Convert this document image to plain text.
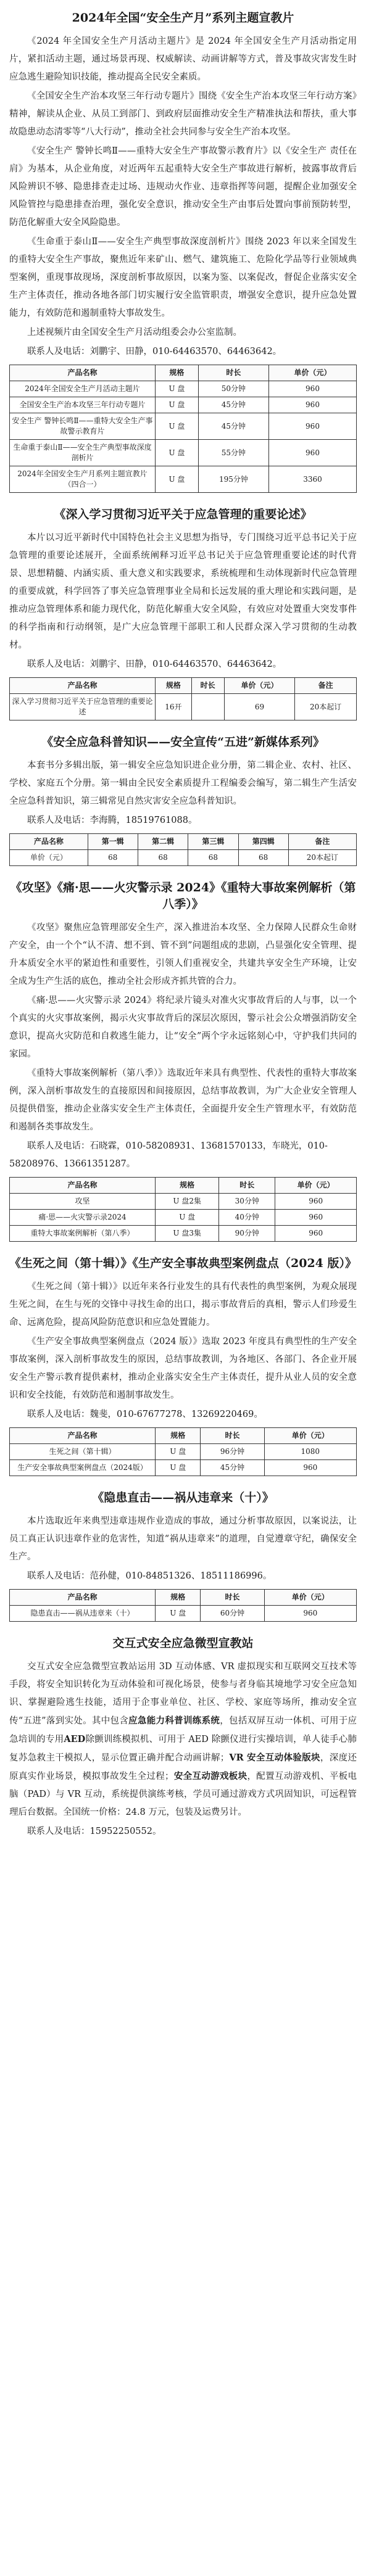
2024年全国“安全生产月”系列主题宣教片

《2024 年全国安全生产月活动主题片》是 2024 年全国安全生产月活动指定用片，紧扣活动主题，通过场景再现、权威解读、动画讲解等方式，普及事故灾害发生时应急逃生避险知识技能，推动提高全民安全素质。

《全国安全生产治本攻坚三年行动专题片》围绕《安全生产治本攻坚三年行动方案》精神，解读从企业、从员工到部门、到政府层面推动安全生产精准执法和帮扶，重大事故隐患动态清零等“八大行动”，推动全社会共同参与安全生产治本攻坚。

《安全生产 警钟长鸣Ⅱ——重特大安全生产事故警示教育片》以《安全生产 责任在肩》为基本，从企业角度，对近两年五起重特大安全生产事故进行解析，披露事故背后风险辨识不够、隐患排查走过场、违规动火作业、违章指挥等问题，提醒企业加强安全风险管控与隐患排查治理，强化安全意识，推动安全生产由事后处置向事前预防转型，防范化解重大安全风险隐患。

《生命重于泰山Ⅱ——安全生产典型事故深度剖析片》围绕 2023 年以来全国发生的重特大安全生产事故，聚焦近年来矿山、燃气、建筑施工、危险化学品等行业领域典型案例，重现事故现场，深度剖析事故原因，以案为鉴、以案促改，督促企业落实安全生产主体责任，推动各地各部门切实履行安全监管职责，增强安全意识，提升应急处置能力，有效防范和遏制重特大事故发生。

上述视频片由全国安全生产月活动组委会办公室监制。

联系人及电话：刘鹏宇、田静，010-64463570、64463642。

产品名称	规格	时长	单价（元）
2024年全国安全生产月活动主题片	U 盘	50分钟	960
全国安全生产治本攻坚三年行动专题片	U 盘	45分钟	960
安全生产 警钟长鸣Ⅱ——重特大安全生产事故警示教育片	U 盘	45分钟	960
生命重于泰山Ⅱ——安全生产典型事故深度剖析片	U 盘	55分钟	960
2024年全国安全生产月系列主题宣教片（四合一）	U 盘	195分钟	3360
《深入学习贯彻习近平关于应急管理的重要论述》

本片以习近平新时代中国特色社会主义思想为指导，专门围绕习近平总书记关于应急管理的重要论述展开，全面系统阐释习近平总书记关于应急管理重要论述的时代背景、思想精髓、内涵实质、重大意义和实践要求，系统梳理和生动体现新时代应急管理的重要成就，科学回答了事关应急管理事业全局和长远发展的重大理论和实践问题，是推动应急管理体系和能力现代化，防范化解重大安全风险，有效应对处置重大突发事件的科学指南和行动纲领，是广大应急管理干部职工和人民群众深入学习贯彻的生动教材。

联系人及电话：刘鹏宇、田静，010-64463570、64463642。

产品名称	规格	时长	单价（元）	备注
深入学习贯彻习近平关于应急管理的重要论述	16开		69	20本起订
《安全应急科普知识——安全宣传“五进”新媒体系列》

本套书分多辑出版，第一辑安全应急知识进企业分册，第二辑企业、农村、社区、学校、家庭五个分册。第一辑由全民安全素质提升工程编委会编写，第二辑生产生活安全应急科普知识，第三辑常见自然灾害安全应急科普知识。

联系人及电话：李海腾，18519761088。

产品名称	第一辑	第二辑	第三辑	第四辑	备注
单价（元）	68	68	68	68	20本起订
《攻坚》《痛·思——火灾警示录 2024》《重特大事故案例解析（第八季）》

《攻坚》聚焦应急管理部安全生产，深入推进治本攻坚、全力保障人民群众生命财产安全，由一个个“认不清、想不到、管不到”问题组成的悲剧，凸显强化安全管理、提升本质安全水平的紧迫性和重要性，引领人们重视安全，共建共享安全生产环境，让安全成为生产生活的底色，推动全社会形成齐抓共管的合力。

《痛·思——火灾警示录 2024》将纪录片镜头对准火灾事故背后的人与事，以一个个真实的火灾事故案例，揭示火灾事故背后的深层次原因，警示社会公众增强消防安全意识，提高火灾防范和自救逃生能力，让“安全”两个字永远铭刻心中，守护我们共同的家园。

《重特大事故案例解析（第八季）》选取近年来具有典型性、代表性的重特大事故案例，深入剖析事故发生的直接原因和间接原因，总结事故教训，为广大企业安全管理人员提供借鉴，推动企业落实安全生产主体责任，全面提升安全生产管理水平，有效防范和遏制各类事故发生。

联系人及电话：石晓霖，010-58208931、13681570133，车晓光，010-58208976、13661351287。

产品名称	规格	时长	单价（元）
攻坚	U 盘2集	30分钟	960
痛·思——火灾警示录2024	U 盘	40分钟	960
重特大事故案例解析（第八季）	U 盘3集	90分钟	960
《生死之间（第十辑）》《生产安全事故典型案例盘点（2024 版）》

《生死之间（第十辑）》以近年来各行业发生的具有代表性的典型案例，为观众展现生死之间，在生与死的交锋中寻找生命的出口，揭示事故背后的真相，警示人们珍爱生命、远离危险，提高风险防范意识和应急处置能力。

《生产安全事故典型案例盘点（2024 版）》选取 2023 年度具有典型性的生产安全事故案例，深入剖析事故发生的原因，总结事故教训，为各地区、各部门、各企业开展安全生产警示教育提供素材，推动企业落实安全生产主体责任，提升从业人员的安全意识和安全技能，有效防范和遏制事故发生。

联系人及电话：魏斐，010-67677278、13269220469。

产品名称	规格	时长	单价（元）
生死之间（第十辑）	U 盘	96分钟	1080
生产安全事故典型案例盘点（2024版）	U 盘	45分钟	960
《隐患直击——祸从违章来（十）》

本片选取近年来典型违章违规作业造成的事故，通过分析事故原因，以案说法，让员工真正认识违章作业的危害性，知道“祸从违章来”的道理，自觉遵章守纪，确保安全生产。

联系人及电话：范孙健，010-84851326、18511186996。

产品名称	规格	时长	单价（元）
隐患直击——祸从违章来（十）	U 盘	60分钟	960
交互式安全应急微型宣教站

交互式安全应急微型宣教站运用 3D 互动体感、VR 虚拟现实和互联网交互技术等手段，将安全知识转化为互动体验和可视化场景，使参与者身临其境地学习安全应急知识、掌握避险逃生技能，适用于企事业单位、社区、学校、家庭等场所，推动安全宣传“五进”落到实处。其中包含应急能力科普训练系统，包括双屏互动一体机、可用于应急培训的专用AED除颤训练模拟机、可用于 AED 除颤仪进行实操培训，单人徒手心肺复苏急救主干模拟人，显示位置正确并配合动画讲解；VR 安全互动体验版块，深度还原真实作业场景，模拟事故发生全过程；安全互动游戏板块，配置互动游戏机、平板电脑（PAD）与 VR 互动，系统提供演练考核，学员可通过游戏方式巩固知识，可远程管理后台数据。全国统一价格：24.8 万元，包装及运费另计。

联系人及电话：15952250552。
